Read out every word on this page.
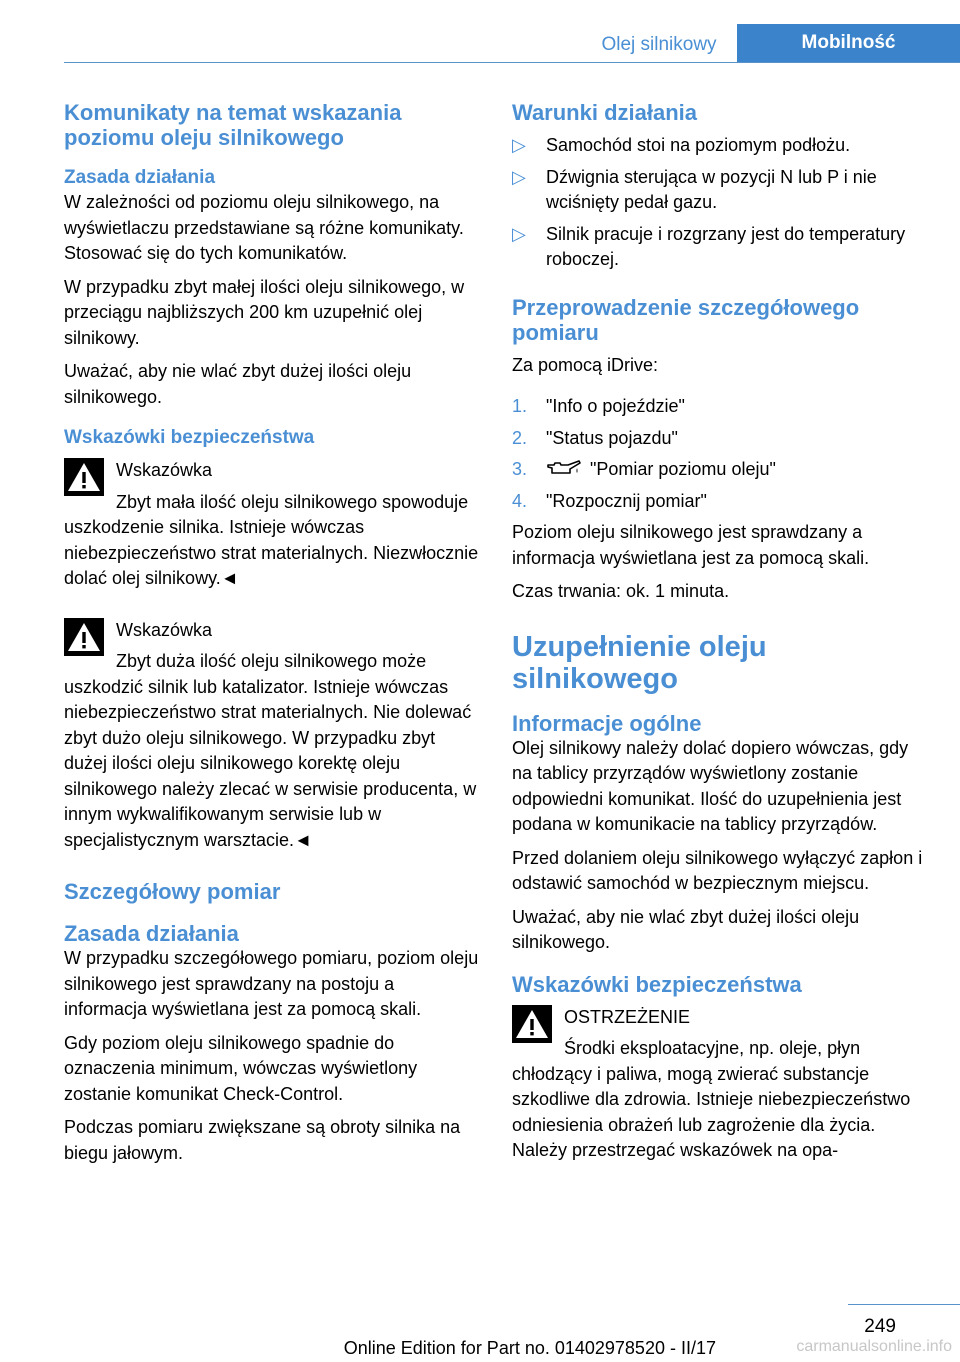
Olej silnikowy	Mobilność
Komunikaty na temat wskazania poziomu oleju silnikowego
Zasada działania

W zależności od poziomu oleju silnikowego, na wyświetlaczu przedstawiane są różne komunikaty. Stosować się do tych komunikatów.

W przypadku zbyt małej ilości oleju silnikowego, w przeciągu najbliższych 200 km uzupełnić olej silnikowy.

Uważać, aby nie wlać zbyt dużej ilości oleju silnikowego.

Wskazówki bezpieczeństwa
Wskazówka
Zbyt mała ilość oleju silnikowego spowoduje uszkodzenie silnika. Istnieje wówczas niebezpieczeństwo strat materialnych. Niezwłocznie dolać olej silnikowy.◄
Wskazówka
Zbyt duża ilość oleju silnikowego może uszkodzić silnik lub katalizator. Istnieje wówczas niebezpieczeństwo strat materialnych. Nie dolewać zbyt dużo oleju silnikowego. W przypadku zbyt dużej ilości oleju silnikowego korektę oleju silnikowego należy zlecać w serwisie producenta, w innym wykwalifikowanym serwisie lub w specjalistycznym warsztacie.◄
Szczegółowy pomiar
Zasada działania

W przypadku szczegółowego pomiaru, poziom oleju silnikowego jest sprawdzany na postoju a informacja wyświetlana jest za pomocą skali.

Gdy poziom oleju silnikowego spadnie do oznaczenia minimum, wówczas wyświetlony zostanie komunikat Check-Control.

Podczas pomiaru zwiększane są obroty silnika na biegu jałowym.

Warunki działania
▷ Samochód stoi na poziomym podłożu.
▷ Dźwignia sterująca w pozycji N lub P i nie wciśnięty pedał gazu.
▷ Silnik pracuje i rozgrzany jest do temperatury roboczej.
Przeprowadzenie szczegółowego pomiaru

Za pomocą iDrive:

1. "Info o pojeździe"
2. "Status pojazdu"
3.	"Pomiar poziomu oleju"
4. "Rozpocznij pomiar"

Poziom oleju silnikowego jest sprawdzany a informacja wyświetlana jest za pomocą skali.

Czas trwania: ok. 1 minuta.

Uzupełnienie oleju silnikowego
Informacje ogólne

Olej silnikowy należy dolać dopiero wówczas, gdy na tablicy przyrządów wyświetlony zostanie odpowiedni komunikat. Ilość do uzupełnienia jest podana w komunikacie na tablicy przyrządów.

Przed dolaniem oleju silnikowego wyłączyć zapłon i odstawić samochód w bezpiecznym miejscu.

Uważać, aby nie wlać zbyt dużej ilości oleju silnikowego.

Wskazówki bezpieczeństwa
OSTRZEŻENIE
Środki eksploatacyjne, np. oleje, płyn chłodzący i paliwa, mogą zwierać substancje szkodliwe dla zdrowia. Istnieje niebezpieczeństwo odniesienia obrażeń lub zagrożenie dla życia. Należy przestrzegać wskazówek na opa-
249
Online Edition for Part no. 01402978520 - II/17	carmanualsonline.info
